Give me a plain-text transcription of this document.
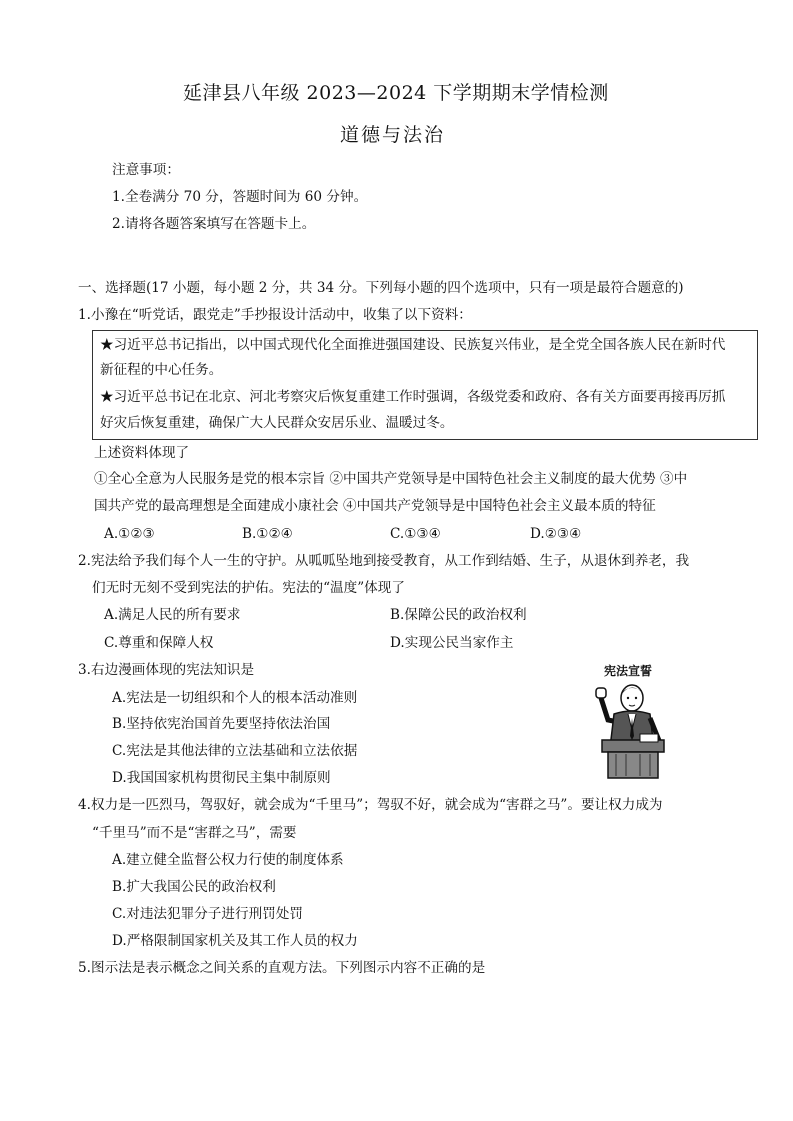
延津县八年级 2023—2024 下学期期末学情检测
道德与法治
注意事项：
1.全卷满分 70 分，答题时间为 60 分钟。
2.请将各题答案填写在答题卡上。
一、选择题(17 小题，每小题 2 分，共 34 分。下列每小题的四个选项中，只有一项是最符合题意的)
1.小豫在“听党话，跟党走”手抄报设计活动中，收集了以下资料：
★习近平总书记指出，以中国式现代化全面推进强国建设、民族复兴伟业，是全党全国各族人民在新时代
新征程的中心任务。
★习近平总书记在北京、河北考察灾后恢复重建工作时强调，各级党委和政府、各有关方面要再接再厉抓
好灾后恢复重建，确保广大人民群众安居乐业、温暖过冬。
上述资料体现了
①全心全意为人民服务是党的根本宗旨 ②中国共产党领导是中国特色社会主义制度的最大优势 ③中
国共产党的最高理想是全面建成小康社会 ④中国共产党领导是中国特色社会主义最本质的特征
A.①②③	B.①②④	C.①③④	D.②③④
2.宪法给予我们每个人一生的守护。从呱呱坠地到接受教育，从工作到结婚、生子，从退休到养老，我
们无时无刻不受到宪法的护佑。宪法的“温度”体现了
A.满足人民的所有要求	B.保障公民的政治权利
C.尊重和保障人权	D.实现公民当家作主
3.右边漫画体现的宪法知识是
A.宪法是一切组织和个人的根本活动准则
B.坚持依宪治国首先要坚持依法治国
C.宪法是其他法律的立法基础和立法依据
D.我国国家机构贯彻民主集中制原则
宪法宣誓
4.权力是一匹烈马，驾驭好，就会成为“千里马”；驾驭不好，就会成为“害群之马”。要让权力成为
“千里马”而不是“害群之马”，需要
A.建立健全监督公权力行使的制度体系
B.扩大我国公民的政治权利
C.对违法犯罪分子进行刑罚处罚
D.严格限制国家机关及其工作人员的权力
5.图示法是表示概念之间关系的直观方法。下列图示内容不正确的是
